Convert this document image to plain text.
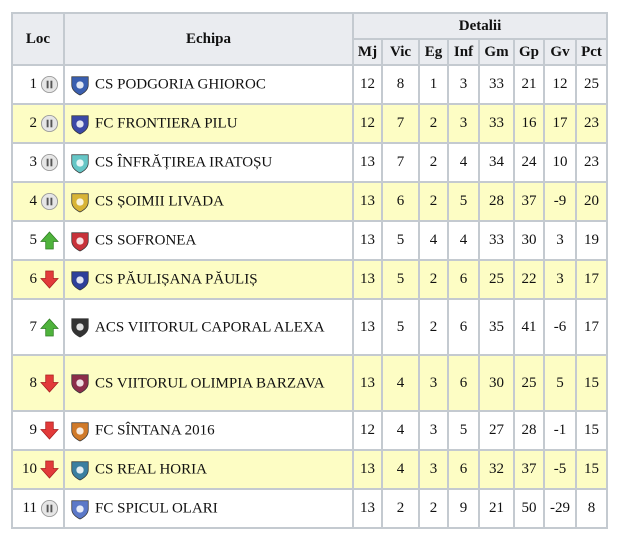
Loc	Echipa	Detalii							
		Mj	Vic	Eg	Inf	Gm	Gp	Gv	Pct
1	CS PODGORIA GHIOROC	12	8	1	3	33	21	12	25
2	FC FRONTIERA PILU	12	7	2	3	33	16	17	23
3	CS ÎNFRĂȚIREA IRATOȘU	13	7	2	4	34	24	10	23
4	CS ȘOIMII LIVADA	13	6	2	5	28	37	-9	20
5	CS SOFRONEA	13	5	4	4	33	30	3	19
6	CS PĂULIȘANA PĂULIȘ	13	5	2	6	25	22	3	17
7	ACS VIITORUL CAPORAL ALEXA	13	5	2	6	35	41	-6	17
8	CS VIITORUL OLIMPIA BARZAVA	13	4	3	6	30	25	5	15
9	FC SÎNTANA 2016	12	4	3	5	27	28	-1	15
10	CS REAL HORIA	13	4	3	6	32	37	-5	15
11	FC SPICUL OLARI	13	2	2	9	21	50	-29	8
